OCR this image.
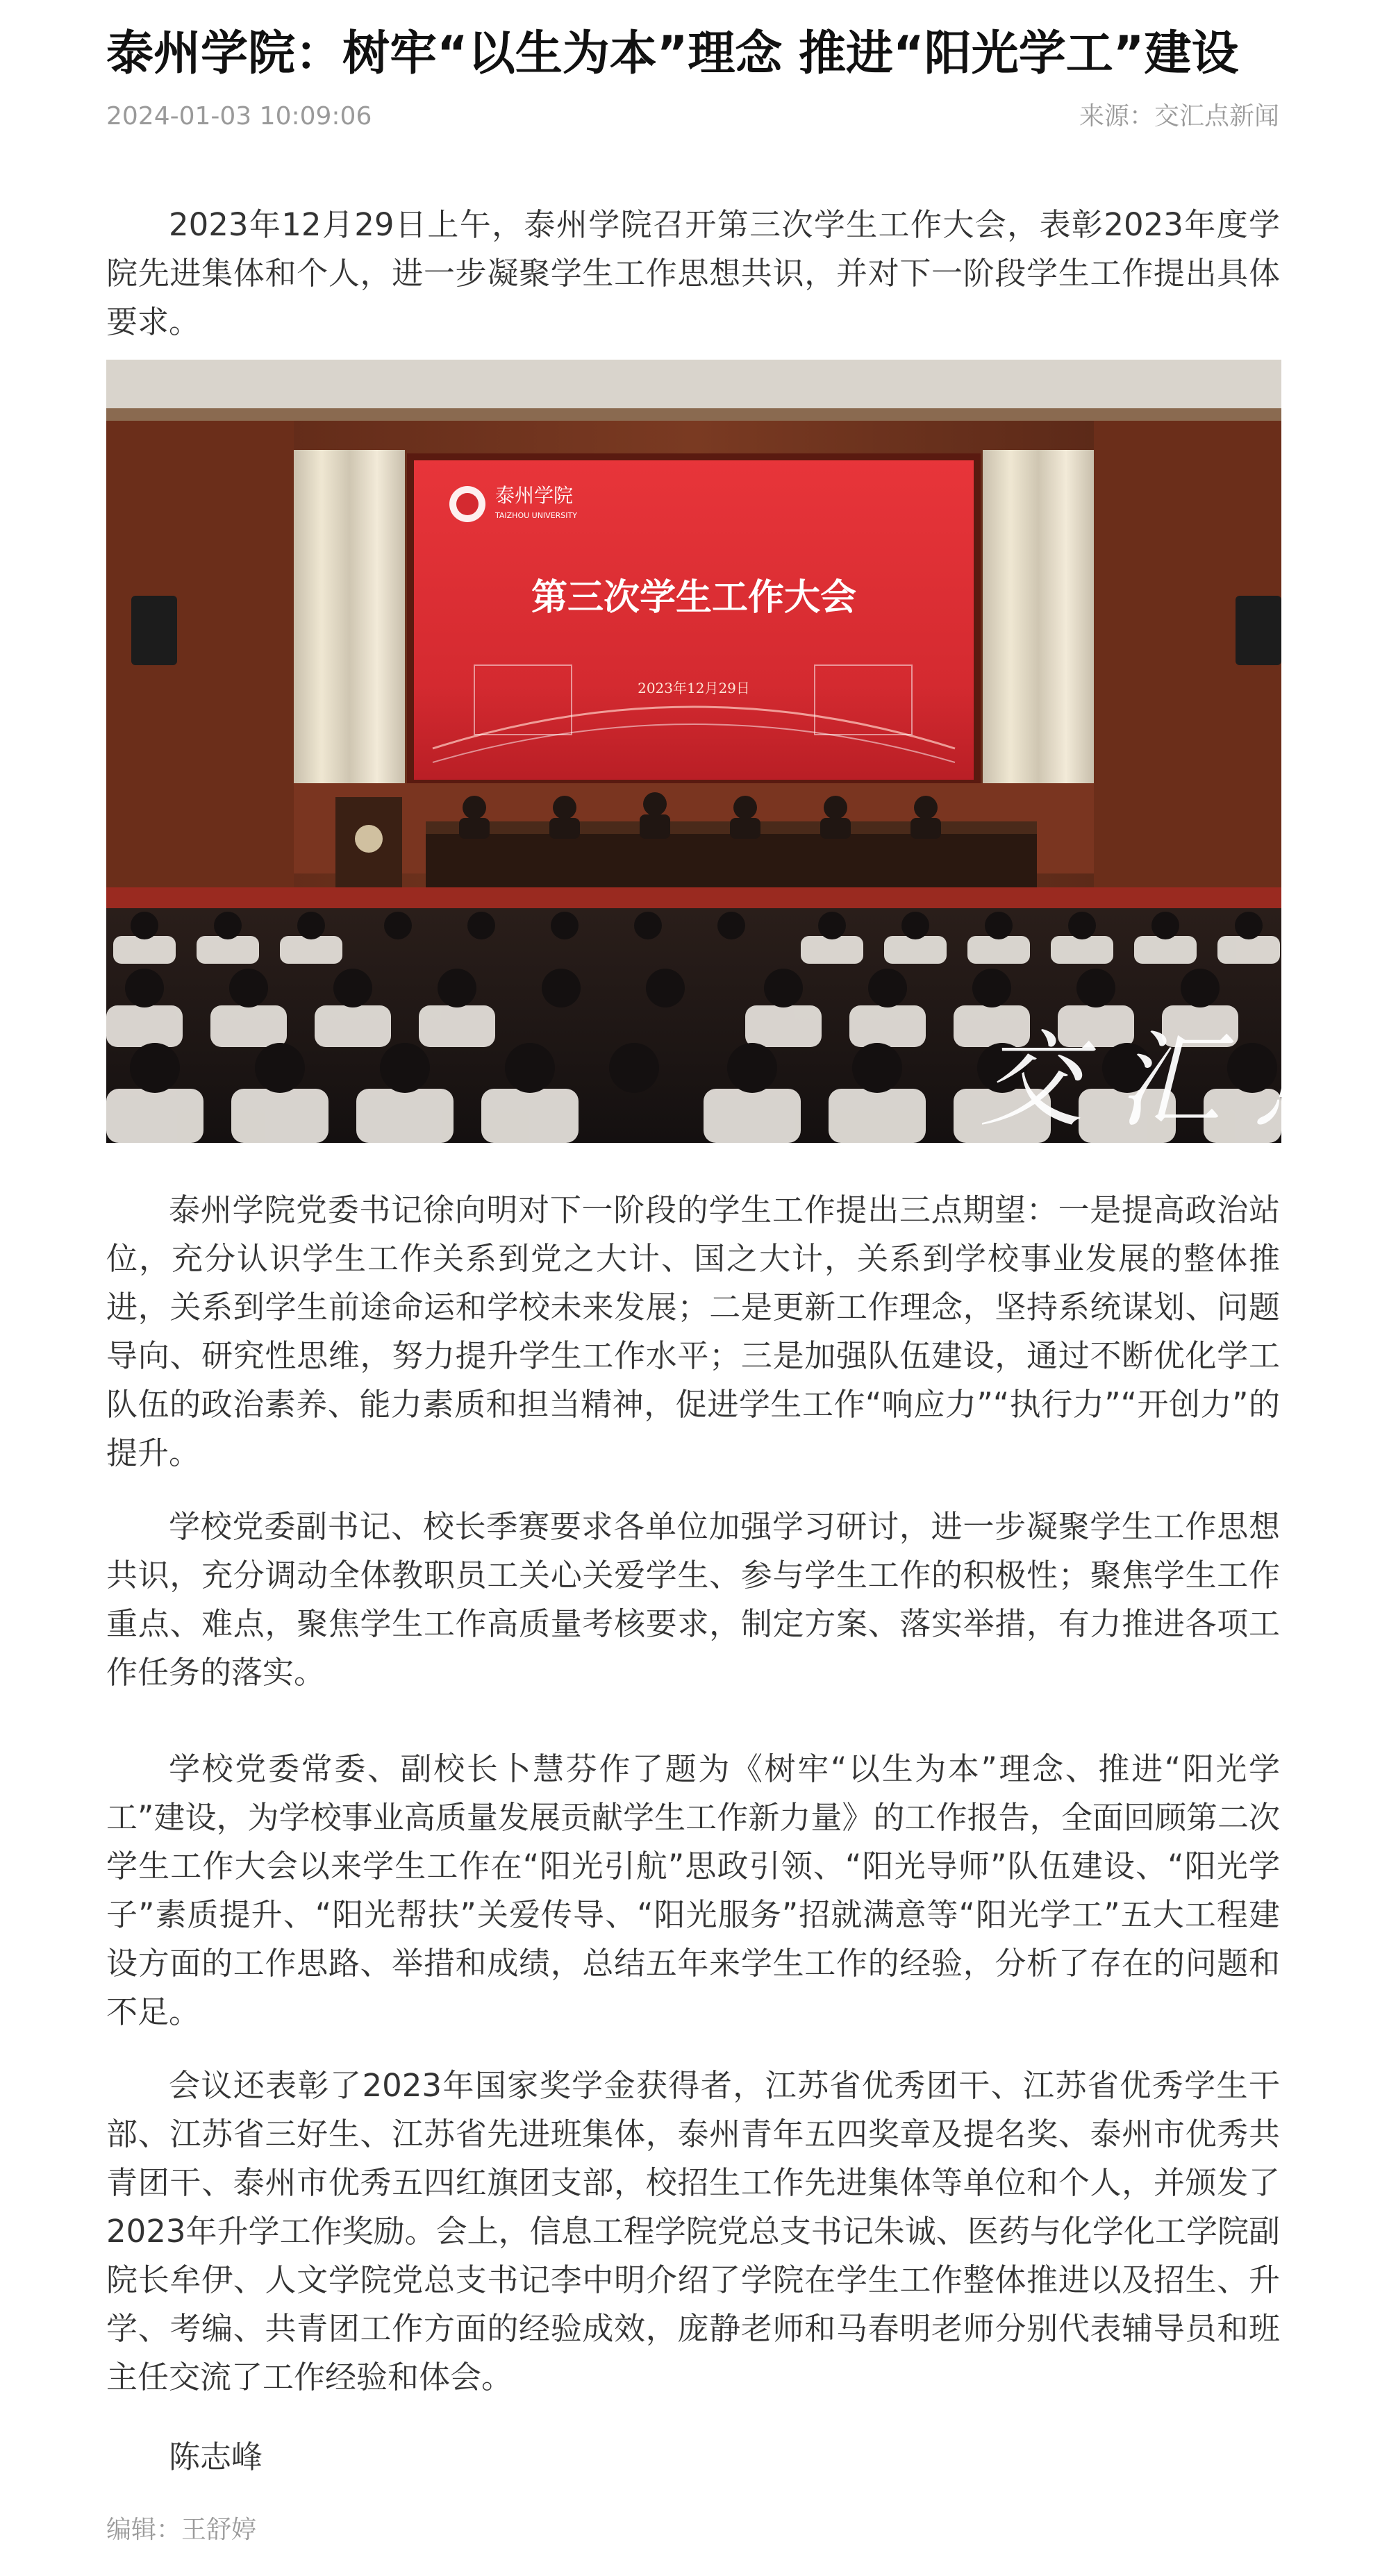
泰州学院：树牢“以生为本”理念 推进“阳光学工”建设
2024-01-03 10:09:06	来源：交汇点新闻

2023年12月29日上午，泰州学院召开第三次学生工作大会，表彰2023年度学院先进集体和个人，进一步凝聚学生工作思想共识，并对下一阶段学生工作提出具体要求。

泰州学院
TAIZHOU UNIVERSITY
第三次学生工作大会
2023年12月29日
交 汇 点

泰州学院党委书记徐向明对下一阶段的学生工作提出三点期望：一是提高政治站位，充分认识学生工作关系到党之大计、国之大计，关系到学校事业发展的整体推进，关系到学生前途命运和学校未来发展；二是更新工作理念，坚持系统谋划、问题导向、研究性思维，努力提升学生工作水平；三是加强队伍建设，通过不断优化学工队伍的政治素养、能力素质和担当精神，促进学生工作“响应力”“执行力”“开创力”的提升。

学校党委副书记、校长季赛要求各单位加强学习研讨，进一步凝聚学生工作思想共识，充分调动全体教职员工关心关爱学生、参与学生工作的积极性；聚焦学生工作重点、难点，聚焦学生工作高质量考核要求，制定方案、落实举措，有力推进各项工作任务的落实。

学校党委常委、副校长卜慧芬作了题为《树牢“以生为本”理念、推进“阳光学工”建设，为学校事业高质量发展贡献学生工作新力量》的工作报告，全面回顾第二次学生工作大会以来学生工作在“阳光引航”思政引领、“阳光导师”队伍建设、“阳光学子”素质提升、“阳光帮扶”关爱传导、“阳光服务”招就满意等“阳光学工”五大工程建设方面的工作思路、举措和成绩，总结五年来学生工作的经验，分析了存在的问题和不足。

会议还表彰了2023年国家奖学金获得者，江苏省优秀团干、江苏省优秀学生干部、江苏省三好生、江苏省先进班集体，泰州青年五四奖章及提名奖、泰州市优秀共青团干、泰州市优秀五四红旗团支部，校招生工作先进集体等单位和个人，并颁发了2023年升学工作奖励。会上，信息工程学院党总支书记朱诚、医药与化学化工学院副院长牟伊、人文学院党总支书记李中明介绍了学院在学生工作整体推进以及招生、升学、考编、共青团工作方面的经验成效，庞静老师和马春明老师分别代表辅导员和班主任交流了工作经验和体会。

陈志峰
编辑：王舒婷
